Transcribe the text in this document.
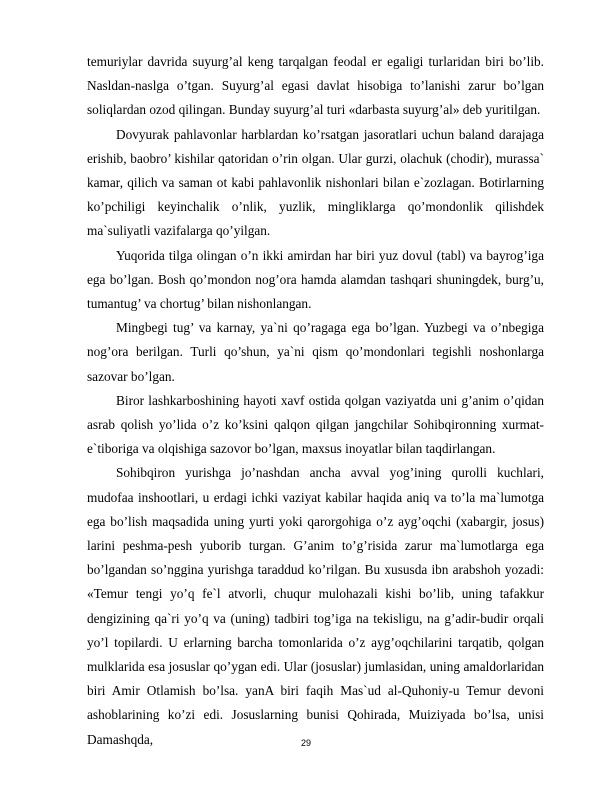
temuriylar davrida suyurg’al keng tarqalgan feodal er egaligi turlaridan biri bo’lib. Nasldan-naslga o’tgan. Suyurg’al egasi davlat hisobiga to’lanishi zarur bo’lgan soliqlardan ozod qilingan. Bunday suyurg’al turi «darbasta suyurg’al» deb yuritilgan.

Dovyurak pahlavonlar harblardan ko’rsatgan jasoratlari uchun baland darajaga erishib, baobro’ kishilar qatoridan o’rin olgan. Ular gurzi, olachuk (chodir), murassa` kamar, qilich va saman ot kabi pahlavonlik nishonlari bilan e`zozlagan. Botirlarning ko’pchiligi keyinchalik o’nlik, yuzlik, mingliklarga qo’mondonlik qilishdek ma`suliyatli vazifalarga qo’yilgan.

Yuqorida tilga olingan o’n ikki amirdan har biri yuz dovul (tabl) va bayrog’iga ega bo’lgan. Bosh qo’mondon nog’ora hamda alamdan tashqari shuningdek, burg’u, tumantug’ va chortug’ bilan nishonlangan.

Mingbegi tug’ va karnay, ya`ni qo’ragaga ega bo’lgan. Yuzbegi va o’nbegiga nog’ora berilgan. Turli qo’shun, ya`ni qism qo’mondonlari tegishli noshonlarga sazovar bo’lgan.

Biror lashkarboshining hayoti xavf ostida qolgan vaziyatda uni g’anim o’qidan asrab qolish yo’lida o’z ko’ksini qalqon qilgan jangchilar Sohibqironning xurmat-e`tiboriga va olqishiga sazovor bo’lgan, maxsus inoyatlar bilan taqdirlangan.

Sohibqiron yurishga jo’nashdan ancha avval yog’ining qurolli kuchlari, mudofaa inshootlari, u erdagi ichki vaziyat kabilar haqida aniq va to’la ma`lumotga ega bo’lish maqsadida uning yurti yoki qarorgohiga o’z ayg’oqchi (xabargir, josus) larini peshma-pesh yuborib turgan. G’anim to’g’risida zarur ma`lumotlarga ega bo’lgandan so’nggina yurishga taraddud ko’rilgan. Bu xususda ibn arabshoh yozadi: «Temur tengi yo’q fe`l atvorli, chuqur mulohazali kishi bo’lib, uning tafakkur dengizining qa`ri yo’q va (uning) tadbiri tog’iga na tekisligu, na g’adir-budir orqali yo’l topilardi. U erlarning barcha tomonlarida o’z ayg’oqchilarini tarqatib, qolgan mulklarida esa josuslar qo’ygan edi. Ular (josuslar) jumlasidan, uning amaldorlaridan biri Amir Otlamish bo’lsa. yanA biri faqih Mas`ud al-Quhoniy-u Temur devoni ashoblarining ko’zi edi. Josuslarning bunisi Qohirada, Muiziyada bo’lsa, unisi Damashqda,	29
